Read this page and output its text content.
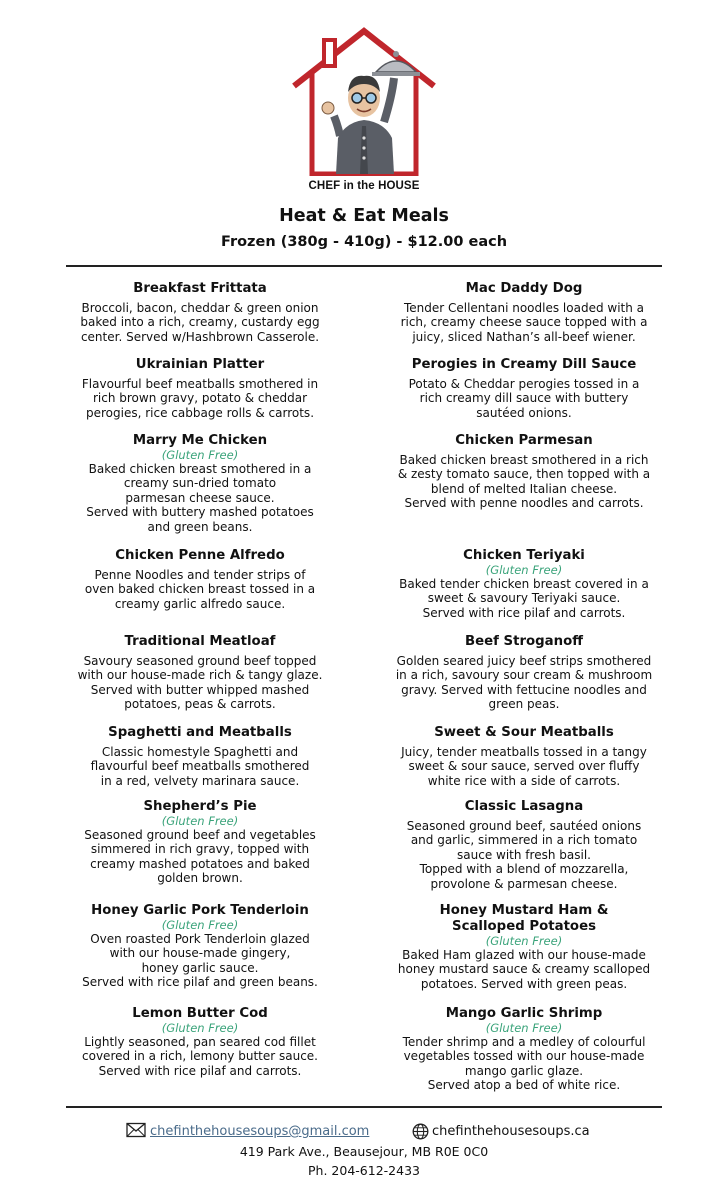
CHEF in the HOUSE
Heat & Eat Meals
Frozen (380g - 410g) - $12.00 each
Breakfast Frittata
Broccoli, bacon, cheddar & green onion
baked into a rich, creamy, custardy egg
center. Served w/Hashbrown Casserole.
Ukrainian Platter
Flavourful beef meatballs smothered in
rich brown gravy, potato & cheddar
perogies, rice cabbage rolls & carrots.
Marry Me Chicken
(Gluten Free)
Baked chicken breast smothered in a
creamy sun-dried tomato
parmesan cheese sauce.
Served with buttery mashed potatoes
and green beans.
Chicken Penne Alfredo
Penne Noodles and tender strips of
oven baked chicken breast tossed in a
creamy garlic alfredo sauce.
Traditional Meatloaf
Savoury seasoned ground beef topped
with our house-made rich & tangy glaze.
Served with butter whipped mashed
potatoes, peas & carrots.
Spaghetti and Meatballs
Classic homestyle Spaghetti and
flavourful beef meatballs smothered
in a red, velvety marinara sauce.
Shepherd’s Pie
(Gluten Free)
Seasoned ground beef and vegetables
simmered in rich gravy, topped with
creamy mashed potatoes and baked
golden brown.
Honey Garlic Pork Tenderloin
(Gluten Free)
Oven roasted Pork Tenderloin glazed
with our house-made gingery,
honey garlic sauce.
Served with rice pilaf and green beans.
Lemon Butter Cod
(Gluten Free)
Lightly seasoned, pan seared cod fillet
covered in a rich, lemony butter sauce.
Served with rice pilaf and carrots.
Mac Daddy Dog
Tender Cellentani noodles loaded with a
rich, creamy cheese sauce topped with a
juicy, sliced Nathan’s all-beef wiener.
Perogies in Creamy Dill Sauce
Potato & Cheddar perogies tossed in a
rich creamy dill sauce with buttery
sautéed onions.
Chicken Parmesan
Baked chicken breast smothered in a rich
& zesty tomato sauce, then topped with a
blend of melted Italian cheese.
Served with penne noodles and carrots.
Chicken Teriyaki
(Gluten Free)
Baked tender chicken breast covered in a
sweet & savoury Teriyaki sauce.
Served with rice pilaf and carrots.
Beef Stroganoff
Golden seared juicy beef strips smothered
in a rich, savoury sour cream & mushroom
gravy. Served with fettucine noodles and
green peas.
Sweet & Sour Meatballs
Juicy, tender meatballs tossed in a tangy
sweet & sour sauce, served over fluffy
white rice with a side of carrots.
Classic Lasagna
Seasoned ground beef, sautéed onions
and garlic, simmered in a rich tomato
sauce with fresh basil.
Topped with a blend of mozzarella,
provolone & parmesan cheese.
Honey Mustard Ham &
Scalloped Potatoes
(Gluten Free)
Baked Ham glazed with our house-made
honey mustard sauce & creamy scalloped
potatoes. Served with green peas.
Mango Garlic Shrimp
(Gluten Free)
Tender shrimp and a medley of colourful
vegetables tossed with our house-made
mango garlic glaze.
Served atop a bed of white rice.
chefinthehousesoups@gmail.com	chefinthehousesoups.ca
419 Park Ave., Beausejour, MB R0E 0C0
Ph. 204-612-2433
